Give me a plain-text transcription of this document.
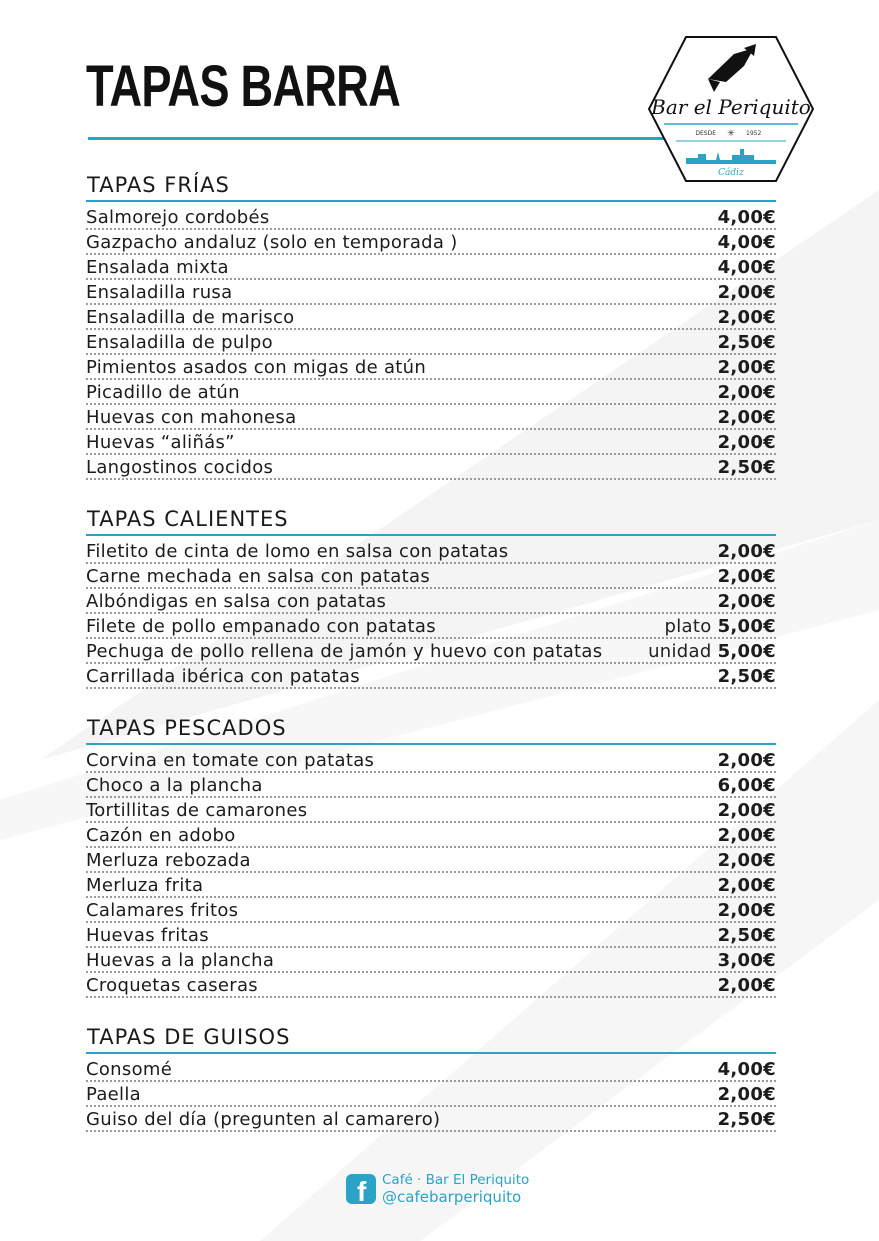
TAPAS BARRA	Bar el Periquito
DESDE ✳ 1952
Cádiz
TAPAS FRÍAS
Salmorejo cordobés	4,00€
Gazpacho andaluz (solo en temporada )	4,00€
Ensalada mixta	4,00€
Ensaladilla rusa	2,00€
Ensaladilla de marisco	2,00€
Ensaladilla de pulpo	2,50€
Pimientos asados con migas de atún	2,00€
Picadillo de atún	2,00€
Huevas con mahonesa	2,00€
Huevas “aliñás”	2,00€
Langostinos cocidos	2,50€
TAPAS CALIENTES
Filetito de cinta de lomo en salsa con patatas	2,00€
Carne mechada en salsa con patatas	2,00€
Albóndigas en salsa con patatas	2,00€
Filete de pollo empanado con patatas	plato 5,00€
Pechuga de pollo rellena de jamón y huevo con patatas	unidad 5,00€
Carrillada ibérica con patatas	2,50€
TAPAS PESCADOS
Corvina en tomate con patatas	2,00€
Choco a la plancha	6,00€
Tortillitas de camarones	2,00€
Cazón en adobo	2,00€
Merluza rebozada	2,00€
Merluza frita	2,00€
Calamares fritos	2,00€
Huevas fritas	2,50€
Huevas a la plancha	3,00€
Croquetas caseras	2,00€
TAPAS DE GUISOS
Consomé	4,00€
Paella	2,00€
Guiso del día (pregunten al camarero)	2,50€
f Café · Bar El Periquito
@cafebarperiquito
